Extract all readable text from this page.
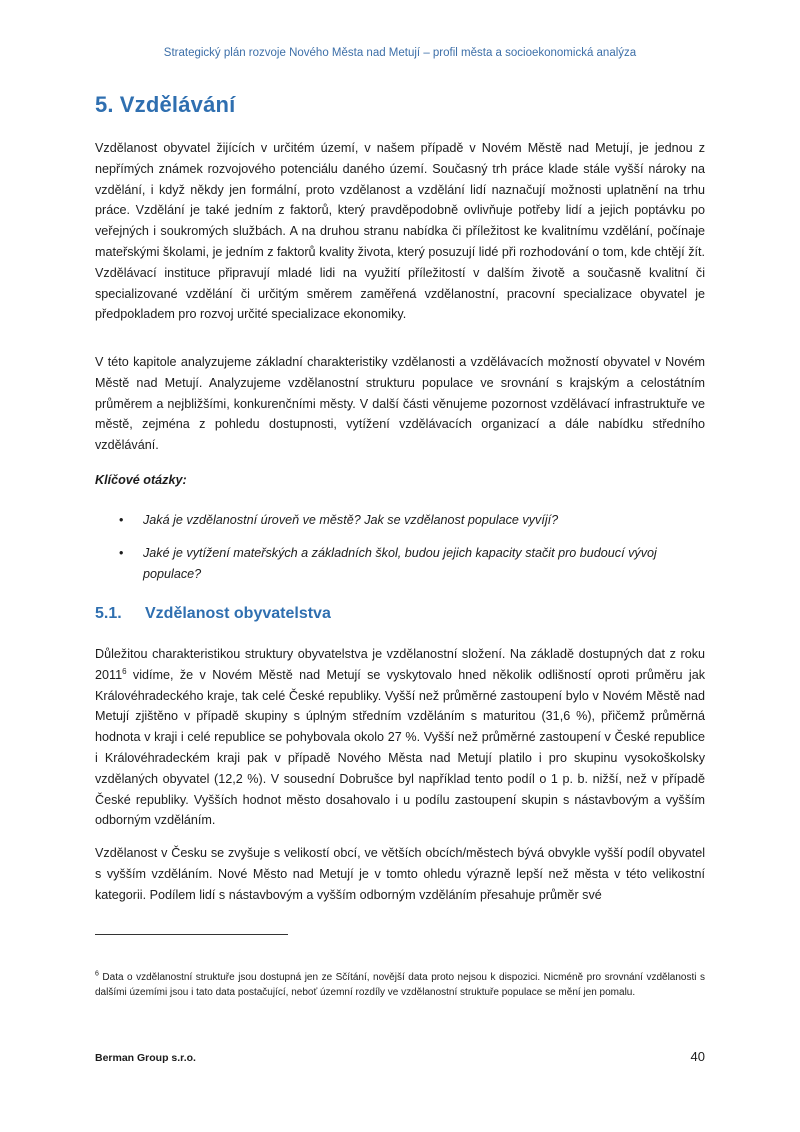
Strategický plán rozvoje Nového Města nad Metují – profil města a socioekonomická analýza
5. Vzdělávání

Vzdělanost obyvatel žijících v určitém území, v našem případě v Novém Městě nad Metují, je jednou z nepřímých známek rozvojového potenciálu daného území. Současný trh práce klade stále vyšší nároky na vzdělání, i když někdy jen formální, proto vzdělanost a vzdělání lidí naznačují možnosti uplatnění na trhu práce. Vzdělání je také jedním z faktorů, který pravděpodobně ovlivňuje potřeby lidí a jejich poptávku po veřejných i soukromých službách. A na druhou stranu nabídka či příležitost ke kvalitnímu vzdělání, počínaje mateřskými školami, je jedním z faktorů kvality života, který posuzují lidé při rozhodování o tom, kde chtějí žít. Vzdělávací instituce připravují mladé lidi na využití příležitostí v dalším životě a současně kvalitní či specializované vzdělání či určitým směrem zaměřená vzdělanostní, pracovní specializace obyvatel je předpokladem pro rozvoj určité specializace ekonomiky.

V této kapitole analyzujeme základní charakteristiky vzdělanosti a vzdělávacích možností obyvatel v Novém Městě nad Metují. Analyzujeme vzdělanostní strukturu populace ve srovnání s krajským a celostátním průměrem a nejbližšími, konkurenčními městy. V další části věnujeme pozornost vzdělávací infrastruktuře ve městě, zejména z pohledu dostupnosti, vytížení vzdělávacích organizací a dále nabídku středního vzdělávání.

Klíčové otázky:
• Jaká je vzdělanostní úroveň ve městě? Jak se vzdělanost populace vyvíjí?
• Jaké je vytížení mateřských a základních škol, budou jejich kapacity stačit pro budoucí vývoj populace?
5.1. Vzdělanost obyvatelstva

Důležitou charakteristikou struktury obyvatelstva je vzdělanostní složení. Na základě dostupných dat z roku 2011$^6$ vidíme, že v Novém Městě nad Metují se vyskytovalo hned několik odlišností oproti průměru jak Královéhradeckého kraje, tak celé České republiky. Vyšší než průměrné zastoupení bylo v Novém Městě nad Metují zjištěno v případě skupiny s úplným středním vzděláním s maturitou (31,6 %), přičemž průměrná hodnota v kraji i celé republice se pohybovala okolo 27 %. Vyšší než průměrné zastoupení v České republice i Královéhradeckém kraji pak v případě Nového Města nad Metují platilo i pro skupinu vysokoškolsky vzdělaných obyvatel (12,2 %). V sousední Dobrušce byl například tento podíl o 1 p. b. nižší, než v případě České republiky. Vyšších hodnot město dosahovalo i u podílu zastoupení skupin s nástavbovým a vyšším odborným vzděláním.

Vzdělanost v Česku se zvyšuje s velikostí obcí, ve větších obcích/městech bývá obvykle vyšší podíl obyvatel s vyšším vzděláním. Nové Město nad Metují je v tomto ohledu výrazně lepší než města v této velikostní kategorii. Podílem lidí s nástavbovým a vyšším odborným vzděláním přesahuje průměr své

$^6$ Data o vzdělanostní struktuře jsou dostupná jen ze Sčítání, novější data proto nejsou k dispozici. Nicméně pro srovnání vzdělanosti s dalšími územími jsou i tato data postačující, neboť územní rozdíly ve vzdělanostní struktuře populace se mění jen pomalu.

Berman Group s.r.o.	40
